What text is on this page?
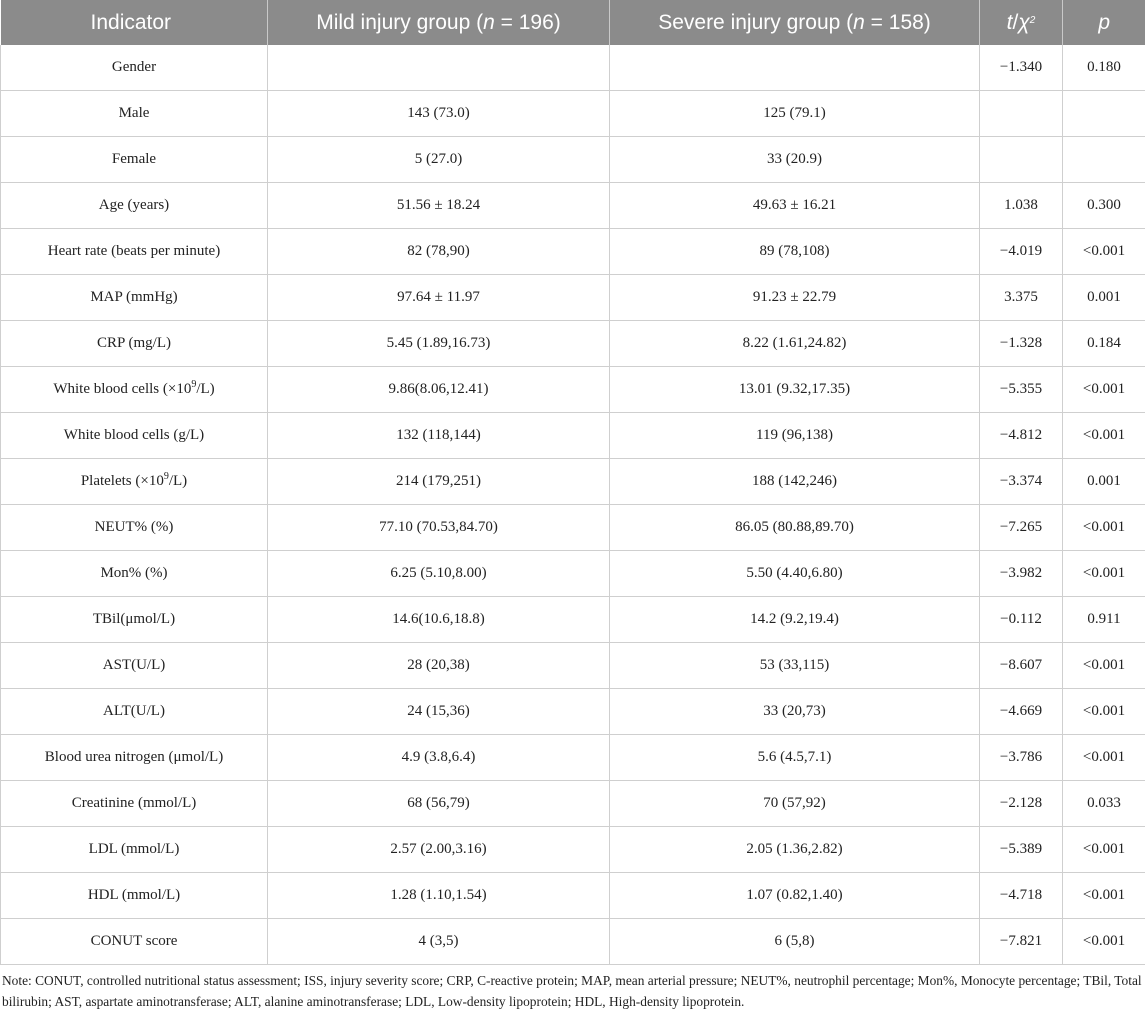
Indicator	Mild injury group (n = 196)	Severe injury group (n = 158)	$t/\chi^2$	p
Gender			−1.340	0.180
Male	143 (73.0)	125 (79.1)		
Female	5 (27.0)	33 (20.9)		
Age (years)	51.56 ± 18.24	49.63 ± 16.21	1.038	0.300
Heart rate (beats per minute)	82 (78,90)	89 (78,108)	−4.019	<0.001
MAP (mmHg)	97.64 ± 11.97	91.23 ± 22.79	3.375	0.001
CRP (mg/L)	5.45 (1.89,16.73)	8.22 (1.61,24.82)	−1.328	0.184
White blood cells $(\times 10^9/L)$	9.86(8.06,12.41)	13.01 (9.32,17.35)	−5.355	<0.001
White blood cells (g/L)	132 (118,144)	119 (96,138)	−4.812	<0.001
Platelets $(\times 10^9/L)$	214 (179,251)	188 (142,246)	−3.374	0.001
NEUT% (%)	77.10 (70.53,84.70)	86.05 (80.88,89.70)	−7.265	<0.001
Mon% (%)	6.25 (5.10,8.00)	5.50 (4.40,6.80)	−3.982	<0.001
TBil(μmol/L)	14.6(10.6,18.8)	14.2 (9.2,19.4)	−0.112	0.911
AST(U/L)	28 (20,38)	53 (33,115)	−8.607	<0.001
ALT(U/L)	24 (15,36)	33 (20,73)	−4.669	<0.001
Blood urea nitrogen (μmol/L)	4.9 (3.8,6.4)	5.6 (4.5,7.1)	−3.786	<0.001
Creatinine (mmol/L)	68 (56,79)	70 (57,92)	−2.128	0.033
LDL (mmol/L)	2.57 (2.00,3.16)	2.05 (1.36,2.82)	−5.389	<0.001
HDL (mmol/L)	1.28 (1.10,1.54)	1.07 (0.82,1.40)	−4.718	<0.001
CONUT score	4 (3,5)	6 (5,8)	−7.821	<0.001
Note: CONUT, controlled nutritional status assessment; ISS, injury severity score; CRP, C-reactive protein; MAP, mean arterial pressure; NEUT%, neutrophil percentage; Mon%, Monocyte percentage; TBil, Total bilirubin; AST, aspartate aminotransferase; ALT, alanine aminotransferase; LDL, Low-density lipoprotein; HDL, High-density lipoprotein.
